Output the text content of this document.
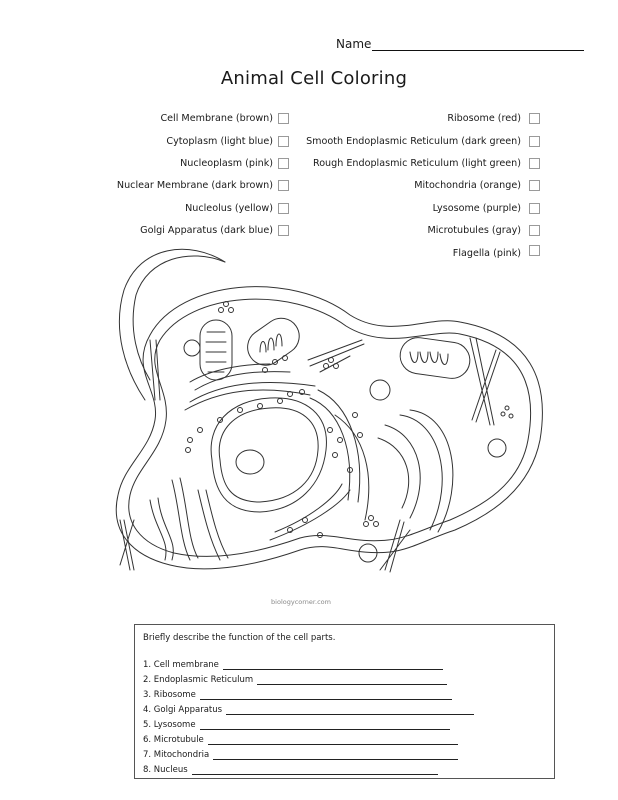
Name
Animal Cell Coloring
Cell Membrane (brown)
Cytoplasm (light blue)
Nucleoplasm (pink)
Nuclear Membrane (dark brown)
Nucleolus (yellow)
Golgi Apparatus (dark blue)
Ribosome (red)
Smooth Endoplasmic Reticulum (dark green)
Rough Endoplasmic Reticulum (light green)
Mitochondria (orange)
Lysosome (purple)
Microtubules (gray)
Flagella (pink)
biologycorner.com
Briefly describe the function of the cell parts.
1. Cell membrane
2. Endoplasmic Reticulum
3. Ribosome
4. Golgi Apparatus
5. Lysosome
6. Microtubule
7. Mitochondria
8. Nucleus
